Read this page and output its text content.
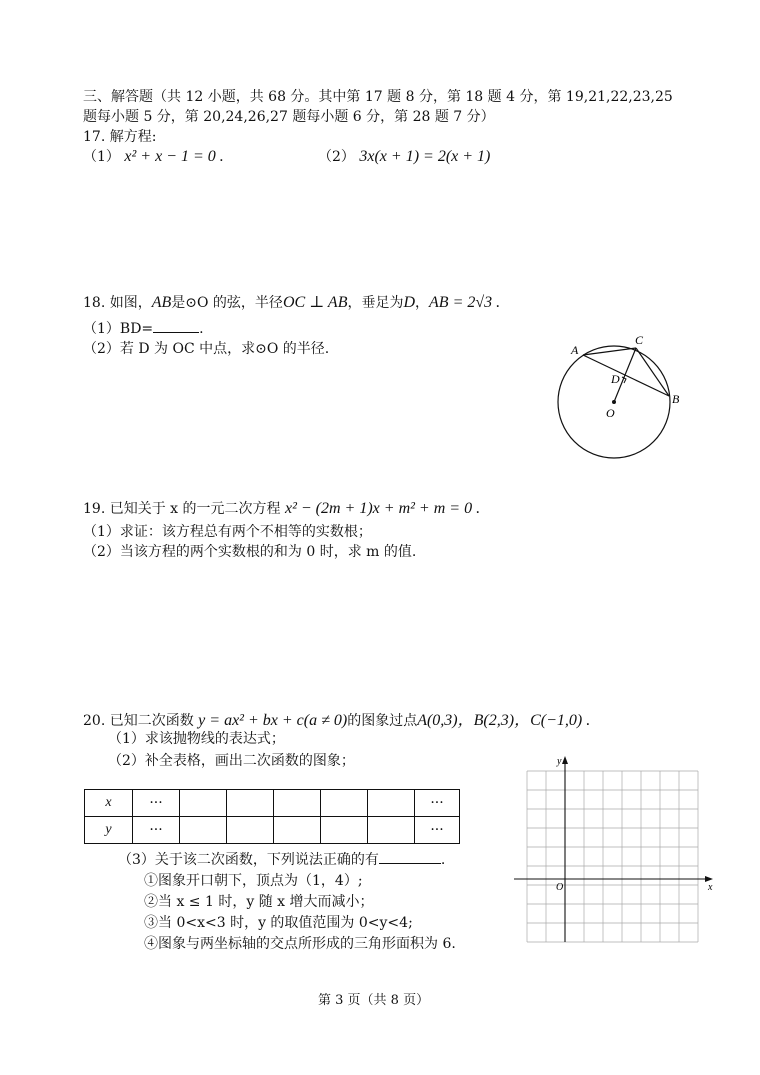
三、解答题（共 12 小题，共 68 分。其中第 17 题 8 分，第 18 题 4 分，第 19,21,22,23,25
题每小题 5 分，第 20,24,26,27 题每小题 6 分，第 28 题 7 分）
17. 解方程:
（1） x² + x − 1 = 0 .	（2） 3x(x + 1) = 2(x + 1)
18. 如图，AB是⊙O 的弦，半径OC ⊥ AB，垂足为D，AB = 2√3 .
（1）BD=	.
（2）若 D 为 OC 中点，求⊙O 的半径.	A
C
D
O
B
19. 已知关于 x 的一元二次方程 x² − (2m + 1)x + m² + m = 0 .
（1）求证：该方程总有两个不相等的实数根；
（2）当该方程的两个实数根的和为 0 时，求 m 的值.
20. 已知二次函数 y = ax² + bx + c(a ≠ 0)的图象过点A(0,3)，B(2,3)，C(−1,0) .
（1）求该抛物线的表达式；
（2）补全表格，画出二次函数的图象；
x	···						···
y	···						···
（3）关于该二次函数，下列说法正确的有	.
①图象开口朝下，顶点为（1，4）;
②当 x ≤ 1 时，y 随 x 增大而减小；
③当 0<x<3 时，y 的取值范围为 0<y<4;
④图象与两坐标轴的交点所形成的三角形面积为 6.
y
x
O
第 3 页（共 8 页）
